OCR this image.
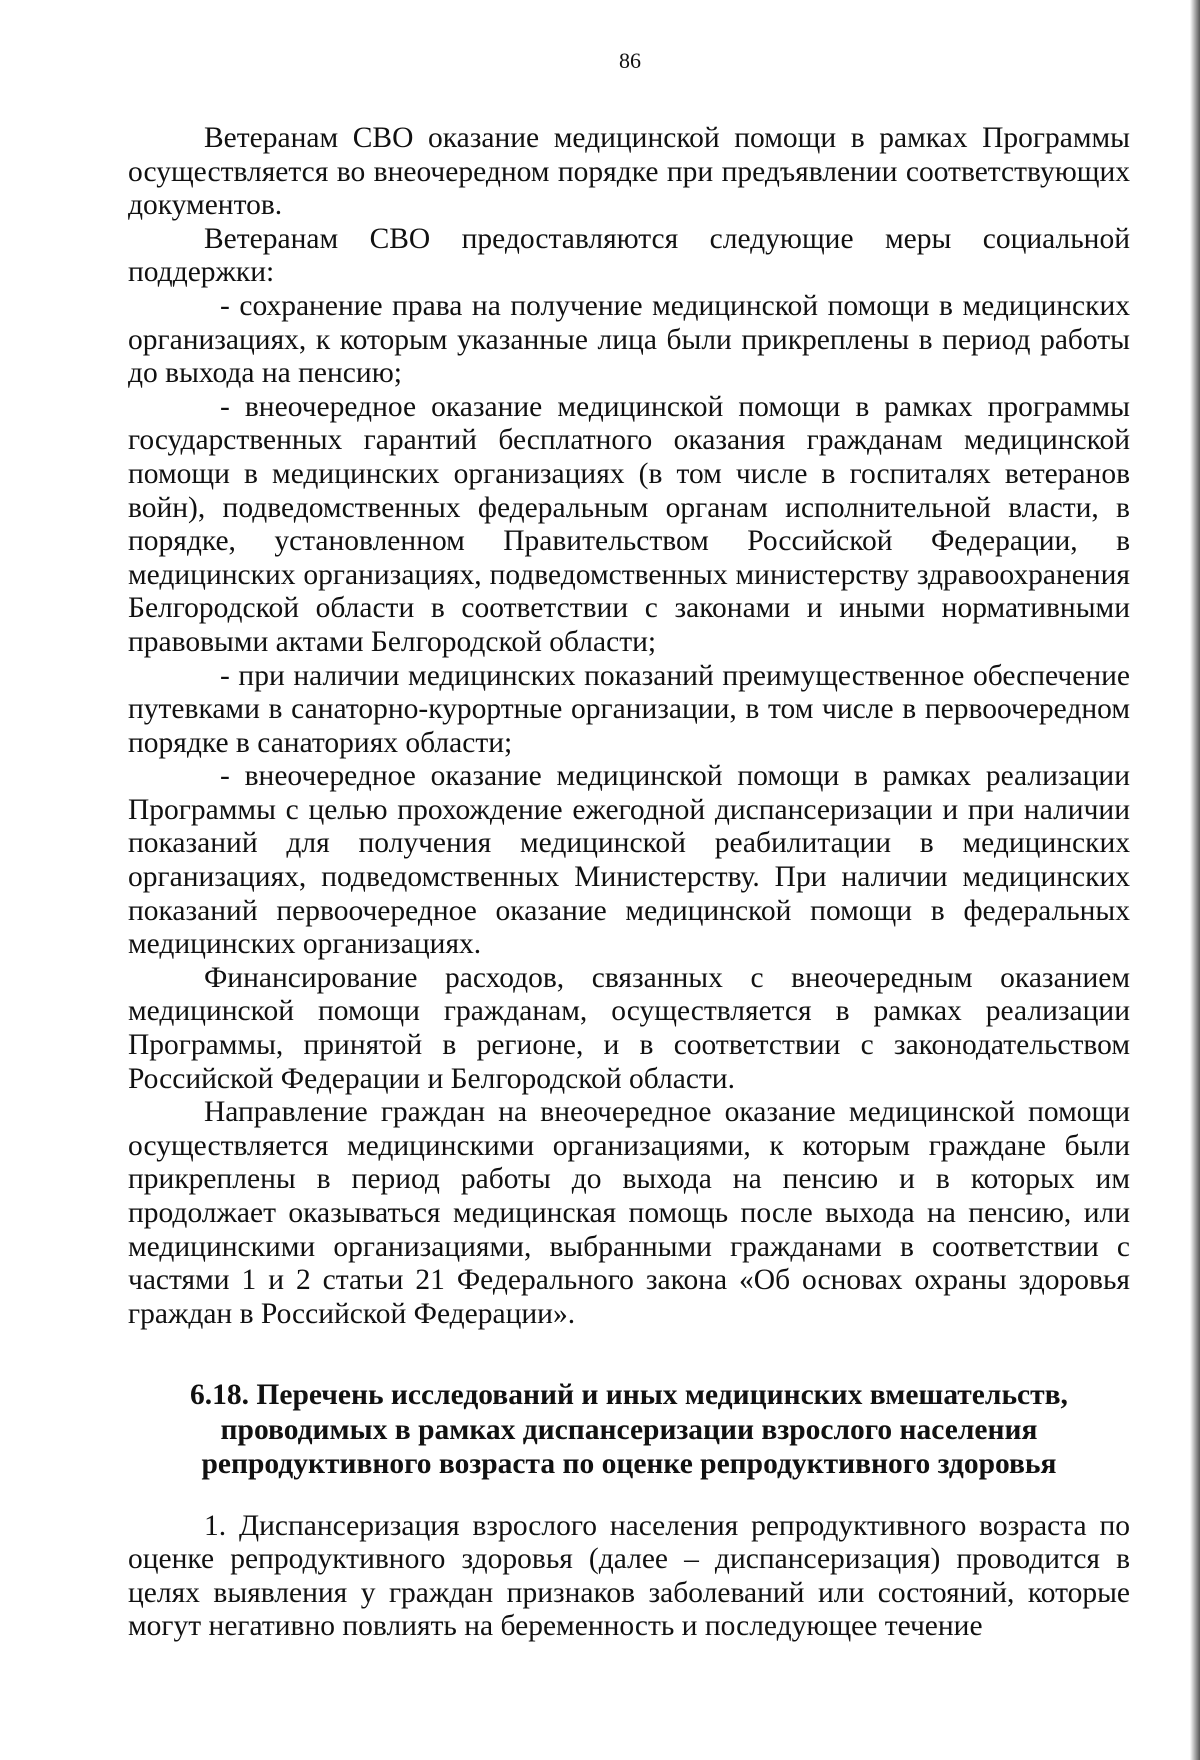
86

Ветеранам СВО оказание медицинской помощи в рамках Программы осуществляется во внеочередном порядке при предъявлении соответствующих документов.

Ветеранам СВО предоставляются следующие меры социальной поддержки:

- сохранение права на получение медицинской помощи в медицинских организациях, к которым указанные лица были прикреплены в период работы до выхода на пенсию;

- внеочередное оказание медицинской помощи в рамках программы государственных гарантий бесплатного оказания гражданам медицинской помощи в медицинских организациях (в том числе в госпиталях ветеранов войн), подведомственных федеральным органам исполнительной власти, в порядке, установленном Правительством Российской Федерации, в медицинских организациях, подведомственных министерству здравоохранения Белгородской области в соответствии с законами и иными нормативными правовыми актами Белгородской области;

- при наличии медицинских показаний преимущественное обеспечение путевками в санаторно-курортные организации, в том числе в первоочередном порядке в санаториях области;

- внеочередное оказание медицинской помощи в рамках реализации Программы с целью прохождение ежегодной диспансеризации и при наличии показаний для получения медицинской реабилитации в медицинских организациях, подведомственных Министерству. При наличии медицинских показаний первоочередное оказание медицинской помощи в федеральных медицинских организациях.

Финансирование расходов, связанных с внеочередным оказанием медицинской помощи гражданам, осуществляется в рамках реализации Программы, принятой в регионе, и в соответствии с законодательством Российской Федерации и Белгородской области.

Направление граждан на внеочередное оказание медицинской помощи осуществляется медицинскими организациями, к которым граждане были прикреплены в период работы до выхода на пенсию и в которых им продолжает оказываться медицинская помощь после выхода на пенсию, или медицинскими организациями, выбранными гражданами в соответствии с частями 1 и 2 статьи 21 Федерального закона «Об основах охраны здоровья граждан в Российской Федерации».

6.18. Перечень исследований и иных медицинских вмешательств,
проводимых в рамках диспансеризации взрослого населения
репродуктивного возраста по оценке репродуктивного здоровья

1. Диспансеризация взрослого населения репродуктивного возраста по оценке репродуктивного здоровья (далее – диспансеризация) проводится в целях выявления у граждан признаков заболеваний или состояний, которые могут негативно повлиять на беременность и последующее течение
